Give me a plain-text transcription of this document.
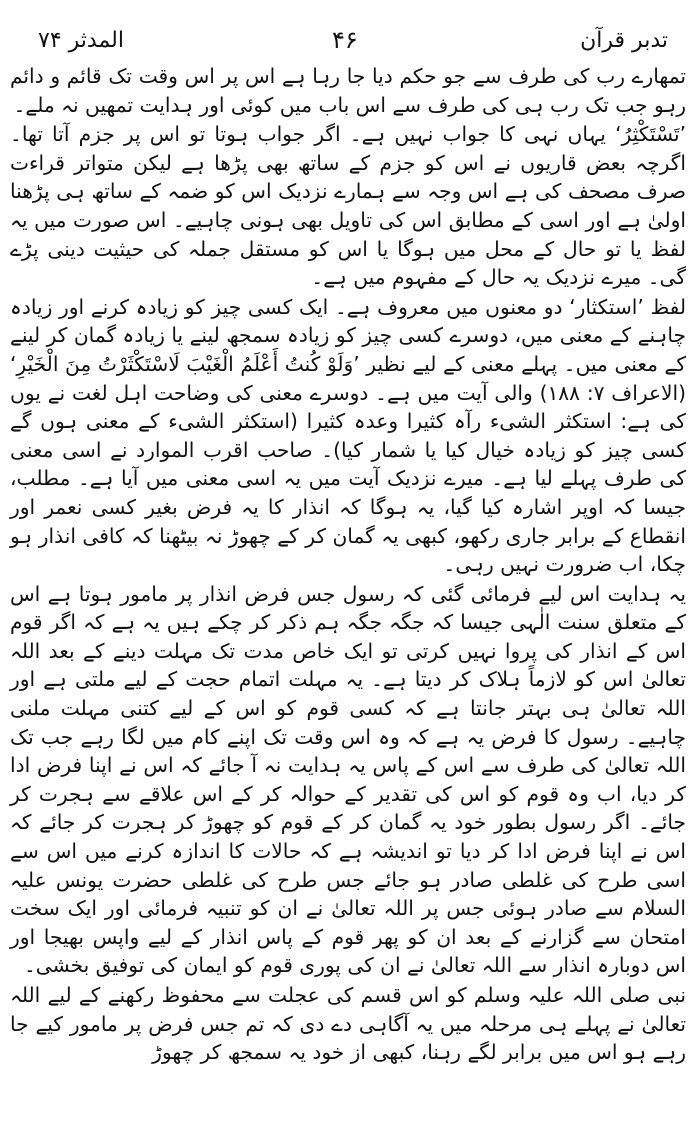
المدثر ۷۴	۴۶	تدبر قرآن

تمھارے رب کی طرف سے جو حکم دیا جا رہا ہے اس پر اس وقت تک قائم و دائم رہو جب تک رب ہی کی طرف سے اس باب میں کوئی اور ہدایت تمھیں نہ ملے۔

’تَسْتَکْثِرُ‘ یہاں نہی کا جواب نہیں ہے۔ اگر جواب ہوتا تو اس پر جزم آتا تھا۔ اگرچہ بعض قاریوں نے اس کو جزم کے ساتھ بھی پڑھا ہے لیکن متواتر قراءت صرف مصحف کی ہے اس وجہ سے ہمارے نزدیک اس کو ضمہ کے ساتھ ہی پڑھنا اولیٰ ہے اور اسی کے مطابق اس کی تاویل بھی ہونی چاہیے۔ اس صورت میں یہ لفظ یا تو حال کے محل میں ہوگا یا اس کو مستقل جملہ کی حیثیت دینی پڑے گی۔ میرے نزدیک یہ حال کے مفہوم میں ہے۔

لفظ ’استکثار‘ دو معنوں میں معروف ہے۔ ایک کسی چیز کو زیادہ کرنے اور زیادہ چاہنے کے معنی میں، دوسرے کسی چیز کو زیادہ سمجھ لینے یا زیادہ گمان کر لینے کے معنی میں۔ پہلے معنی کے لیے نظیر ’وَلَوْ كُنتُ أَعْلَمُ الْغَيْبَ لَاسْتَكْثَرْتُ مِنَ الْخَيْرِ‘ (الاعراف ۷: ۱۸۸) والی آیت میں ہے۔ دوسرے معنی کی وضاحت اہل لغت نے یوں کی ہے: استکثر الشیء رآہ کثیرا وعدہ کثیرا (استکثر الشیء کے معنی ہوں گے کسی چیز کو زیادہ خیال کیا یا شمار کیا)۔ صاحب اقرب الموارد نے اسی معنی کی طرف پہلے لیا ہے۔ میرے نزدیک آیت میں یہ اسی معنی میں آیا ہے۔ مطلب، جیسا کہ اوپر اشارہ کیا گیا، یہ ہوگا کہ انذار کا یہ فرض بغیر کسی نعمر اور انقطاع کے برابر جاری رکھو، کبھی یہ گمان کر کے چھوڑ نہ بیٹھنا کہ کافی انذار ہو چکا، اب ضرورت نہیں رہی۔

یہ ہدایت اس لیے فرمائی گئی کہ رسول جس فرض انذار پر مامور ہوتا ہے اس کے متعلق سنت الٰہی جیسا کہ جگہ جگہ ہم ذکر کر چکے ہیں یہ ہے کہ اگر قوم اس کے انذار کی پروا نہیں کرتی تو ایک خاص مدت تک مہلت دینے کے بعد اللہ تعالیٰ اس کو لازماً ہلاک کر دیتا ہے۔ یہ مہلت اتمام حجت کے لیے ملتی ہے اور اللہ تعالیٰ ہی بہتر جانتا ہے کہ کسی قوم کو اس کے لیے کتنی مہلت ملنی چاہیے۔ رسول کا فرض یہ ہے کہ وہ اس وقت تک اپنے کام میں لگا رہے جب تک اللہ تعالیٰ کی طرف سے اس کے پاس یہ ہدایت نہ آ جائے کہ اس نے اپنا فرض ادا کر دیا، اب وہ قوم کو اس کی تقدیر کے حوالہ کر کے اس علاقے سے ہجرت کر جائے۔ اگر رسول بطور خود یہ گمان کر کے قوم کو چھوڑ کر ہجرت کر جائے کہ اس نے اپنا فرض ادا کر دیا تو اندیشہ ہے کہ حالات کا اندازہ کرنے میں اس سے اسی طرح کی غلطی صادر ہو جائے جس طرح کی غلطی حضرت یونس علیہ السلام سے صادر ہوئی جس پر اللہ تعالیٰ نے ان کو تنبیہ فرمائی اور ایک سخت امتحان سے گزارنے کے بعد ان کو پھر قوم کے پاس انذار کے لیے واپس بھیجا اور اس دوبارہ انذار سے اللہ تعالیٰ نے ان کی پوری قوم کو ایمان کی توفیق بخشی۔

نبی صلی اللہ علیہ وسلم کو اس قسم کی عجلت سے محفوظ رکھنے کے لیے اللہ تعالیٰ نے پہلے ہی مرحلہ میں یہ آگاہی دے دی کہ تم جس فرض پر مامور کیے جا رہے ہو اس میں برابر لگے رہنا، کبھی از خود یہ سمجھ کر چھوڑ
